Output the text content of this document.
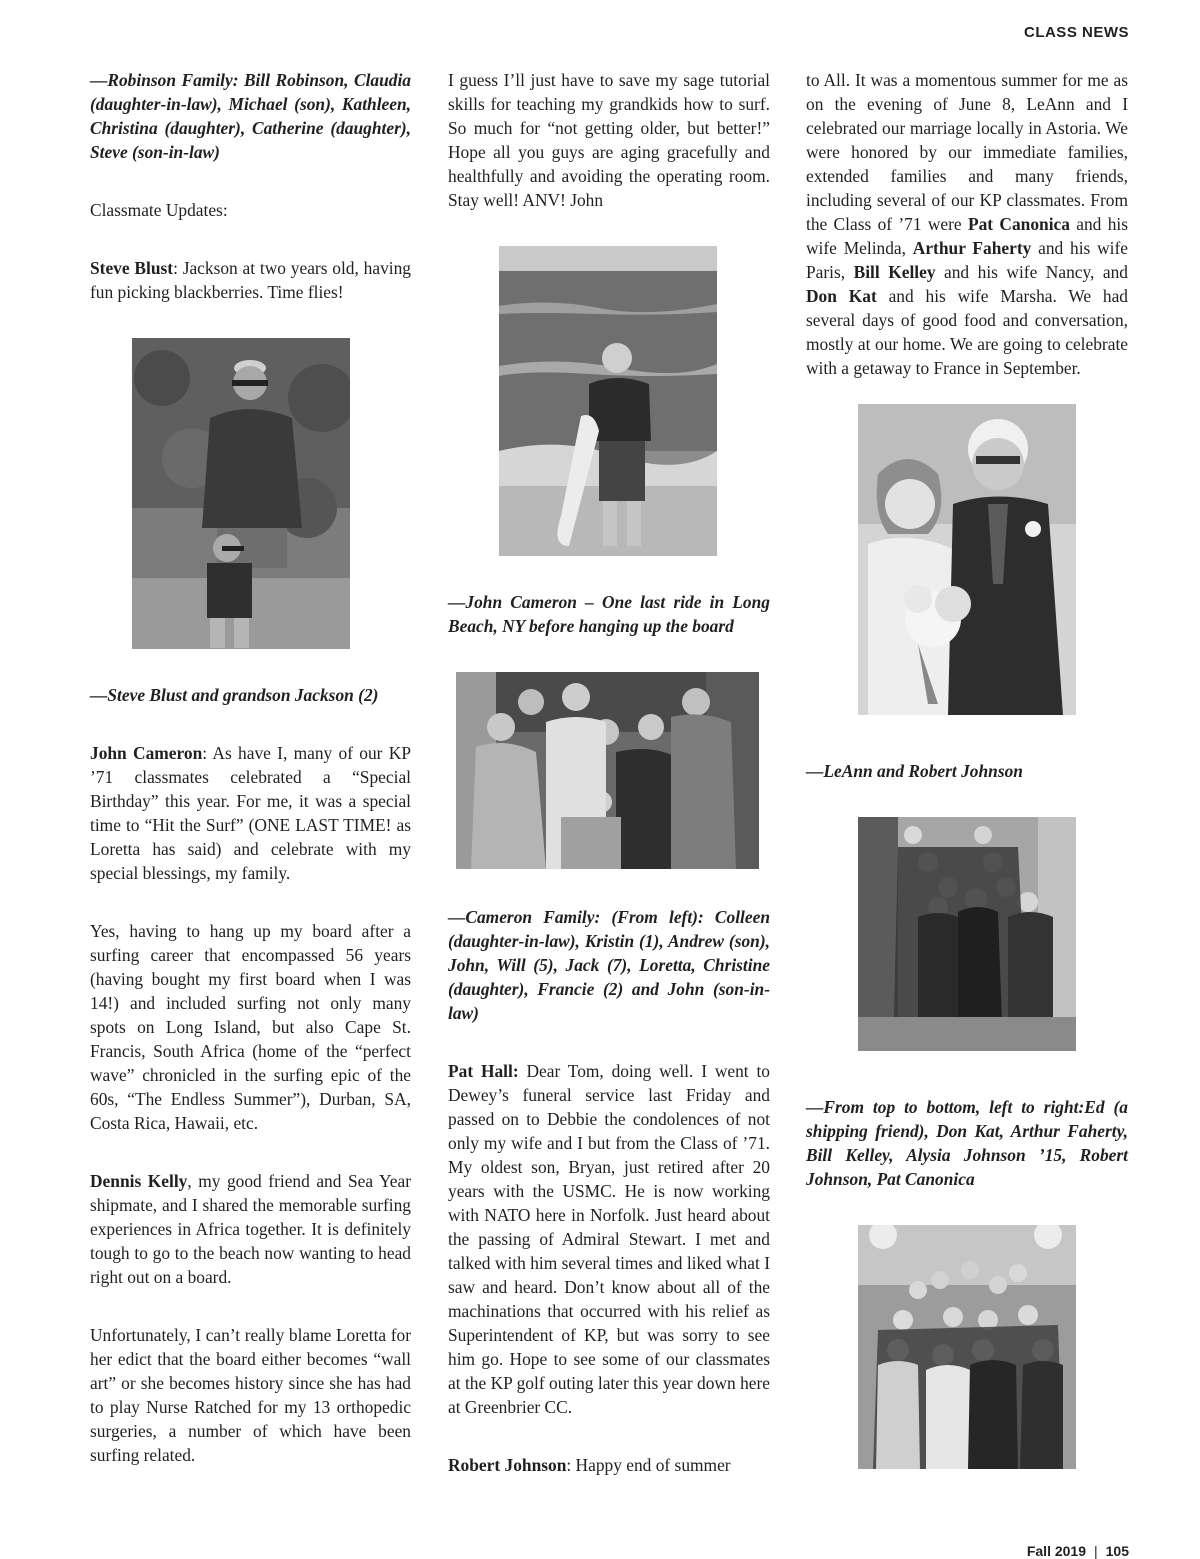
CLASS NEWS

—Robinson Family: Bill Robinson, Claudia (daughter-in-law), Michael (son), Kathleen, Christina (daughter), Catherine (daughter), Steve (son-in-law)

Classmate Updates:

Steve Blust: Jackson at two years old, having fun picking blackberries. Time flies!

—Steve Blust and grandson Jackson (2)

John Cameron: As have I, many of our KP ’71 classmates celebrated a “Special Birthday” this year. For me, it was a special time to “Hit the Surf” (ONE LAST TIME! as Loretta has said) and celebrate with my special blessings, my family.

Yes, having to hang up my board after a surfing career that encompassed 56 years (having bought my first board when I was 14!) and included surfing not only many spots on Long Island, but also Cape St. Francis, South Africa (home of the “perfect wave” chronicled in the surfing epic of the 60s, “The Endless Summer”), Durban, SA, Costa Rica, Hawaii, etc.

Dennis Kelly, my good friend and Sea Year shipmate, and I shared the memorable surfing experiences in Africa together. It is definitely tough to go to the beach now wanting to head right out on a board.

Unfortunately, I can’t really blame Loretta for her edict that the board either becomes “wall art” or she becomes history since she has had to play Nurse Ratched for my 13 orthopedic surgeries, a number of which have been surfing related.

I guess I’ll just have to save my sage tutorial skills for teaching my grandkids how to surf. So much for “not getting older, but better!” Hope all you guys are aging gracefully and healthfully and avoiding the operating room. Stay well! ANV! John

—John Cameron – One last ride in Long Beach, NY before hanging up the board

—Cameron Family: (From left): Colleen (daughter-in-law), Kristin (1), Andrew (son), John, Will (5), Jack (7), Loretta, Christine (daughter), Francie (2) and John (son-in-law)

Pat Hall: Dear Tom, doing well. I went to Dewey’s funeral service last Friday and passed on to Debbie the condolences of not only my wife and I but from the Class of ’71. My oldest son, Bryan, just retired after 20 years with the USMC. He is now working with NATO here in Norfolk. Just heard about the passing of Admiral Stewart. I met and talked with him several times and liked what I saw and heard. Don’t know about all of the machinations that occurred with his relief as Superintendent of KP, but was sorry to see him go. Hope to see some of our classmates at the KP golf outing later this year down here at Greenbrier CC.

Robert Johnson: Happy end of summer

to All. It was a momentous summer for me as on the evening of June 8, LeAnn and I celebrated our marriage locally in Astoria. We were honored by our immediate families, extended families and many friends, including several of our KP classmates. From the Class of ’71 were Pat Canonica and his wife Melinda, Arthur Faherty and his wife Paris, Bill Kelley and his wife Nancy, and Don Kat and his wife Marsha. We had several days of good food and conversation, mostly at our home. We are going to celebrate with a getaway to France in September.

—LeAnn and Robert Johnson

—From top to bottom, left to right:Ed (a shipping friend), Don Kat, Arthur Faherty, Bill Kelley, Alysia Johnson ’15, Robert Johnson, Pat Canonica

Fall 2019 | 105
